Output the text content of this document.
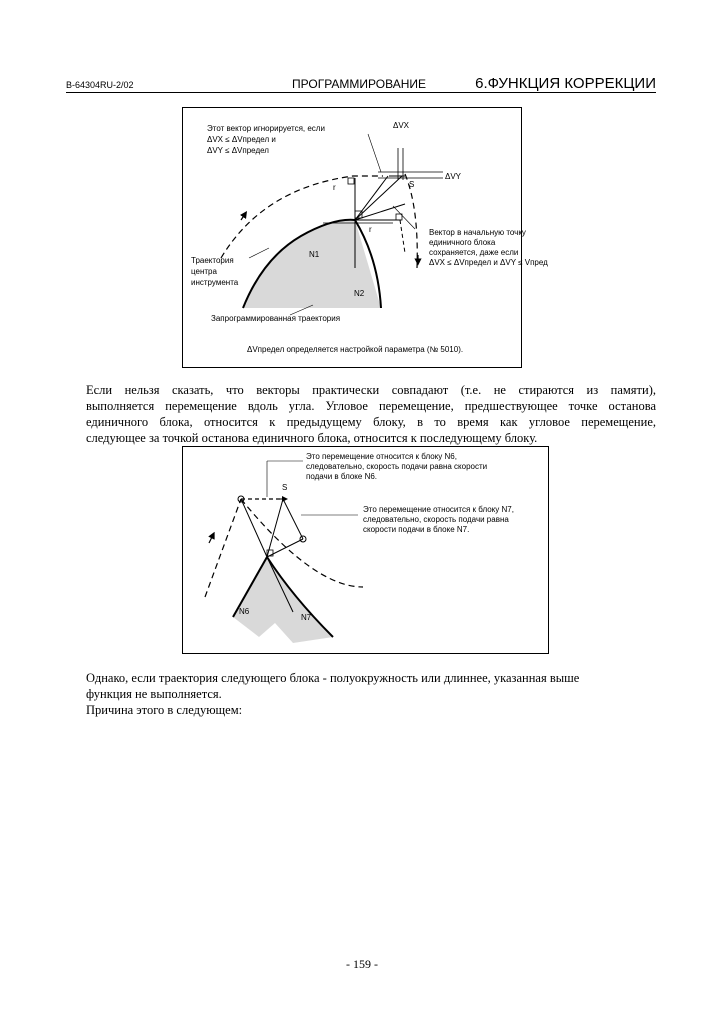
B-64304RU-2/02	ПРОГРАММИРОВАНИЕ	6.ФУНКЦИЯ КОРРЕКЦИИ
Этот вектор игнорируется, если
ΔVX ≤ ΔVпредел и
ΔVY ≤ ΔVпредел
ΔVX
ΔVY
S
r
r	Вектор в начальную точку
единичного блока
сохраняется, даже если
ΔVX ≤ ΔVпредел и ΔVY ≤ Vпред
Траектория
центра
инструмента
N1
N2
Запрограммированная траектория
ΔVпредел определяется настройкой параметра (№ 5010).
Если нельзя сказать, что векторы практически совпадают (т.е. не стираются из памяти),
выполняется перемещение вдоль угла. Угловое перемещение, предшествующее точке останова
единичного блока, относится к предыдущему блоку, в то время как угловое перемещение,
следующее за точкой останова единичного блока, относится к последующему блоку.
Это перемещение относится к блоку N6,
следовательно, скорость подачи равна скорости
подачи в блоке N6.
Это перемещение относится к блоку N7,
следовательно, скорость подачи равна
скорости подачи в блоке N7.
S
N6
N7
Однако, если траектория следующего блока - полуокружность или длиннее, указанная выше
функция не выполняется.
Причина этого в следующем:
- 159 -
